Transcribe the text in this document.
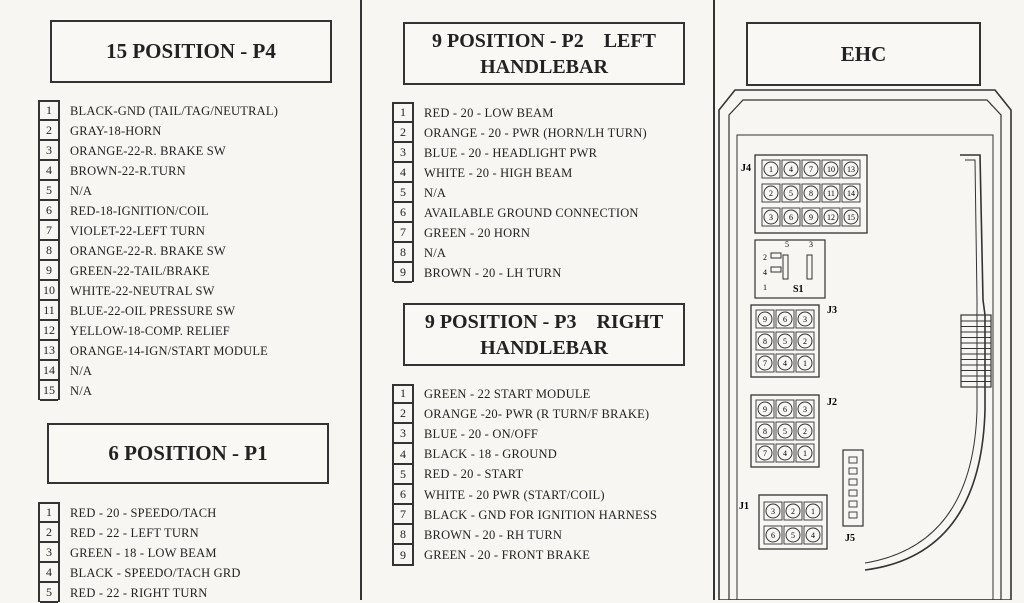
15 POSITION - P4
1	BLACK-GND (TAIL/TAG/NEUTRAL)
2	GRAY-18-HORN
3	ORANGE-22-R. BRAKE SW
4	BROWN-22-R.TURN
5	N/A
6	RED-18-IGNITION/COIL
7	VIOLET-22-LEFT TURN
8	ORANGE-22-R. BRAKE SW
9	GREEN-22-TAIL/BRAKE
10 WHITE-22-NEUTRAL SW
11 BLUE-22-OIL PRESSURE SW
12 YELLOW-18-COMP. RELIEF
13 ORANGE-14-IGN/START MODULE
14 N/A
15 N/A
6 POSITION - P1
1	RED - 20 - SPEEDO/TACH
2	RED - 22 - LEFT TURN
3	GREEN - 18 - LOW BEAM
4	BLACK - SPEEDO/TACH GRD
5	RED - 22 - RIGHT TURN
9 POSITION - P2    LEFT
HANDLEBAR
1	RED - 20 - LOW BEAM
2	ORANGE - 20 - PWR (HORN/LH TURN)
3	BLUE - 20 - HEADLIGHT PWR
4	WHITE - 20 - HIGH BEAM
5	N/A
6	AVAILABLE GROUND CONNECTION
7	GREEN - 20 HORN
8	N/A
9	BROWN - 20 - LH TURN
9 POSITION - P3    RIGHT
HANDLEBAR
1	GREEN - 22 START MODULE
2	ORANGE -20- PWR (R TURN/F BRAKE)
3	BLUE - 20 - ON/OFF
4	BLACK - 18 - GROUND
5	RED - 20 - START
6	WHITE - 20 PWR (START/COIL)
7	BLACK - GND FOR IGNITION HARNESS
8	BROWN - 20 - RH TURN
9	GREEN - 20 - FRONT BRAKE
EHC
J4 1 4 7 10 13
2 5 8 11 14
3 6 9 12 15
S1
1
2
3
4
5
J3
9 6 3
8 5 2
7 4 1
J2
9 6 3
8 5 2
7 4 1
J5
J1	3 2 1
6 5 4
